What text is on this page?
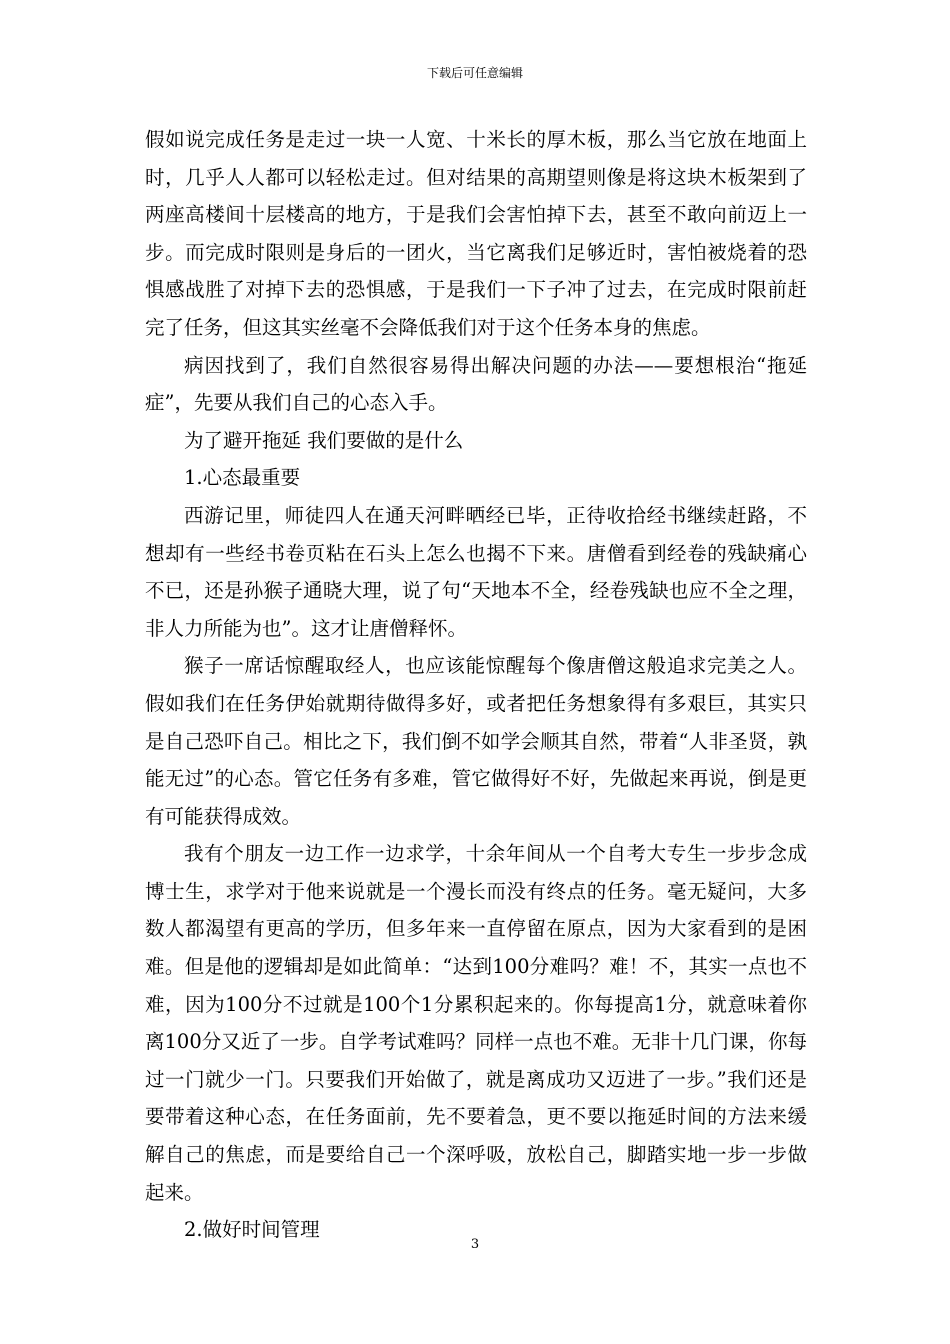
下载后可任意编辑

假如说完成任务是走过一块一人宽、十米长的厚木板，那么当它放在地面上时，几乎人人都可以轻松走过。但对结果的高期望则像是将这块木板架到了两座高楼间十层楼高的地方，于是我们会害怕掉下去，甚至不敢向前迈上一步。而完成时限则是身后的一团火，当它离我们足够近时，害怕被烧着的恐惧感战胜了对掉下去的恐惧感，于是我们一下子冲了过去，在完成时限前赶完了任务，但这其实丝毫不会降低我们对于这个任务本身的焦虑。

病因找到了，我们自然很容易得出解决问题的办法——要想根治“拖延症”，先要从我们自己的心态入手。

为了避开拖延 我们要做的是什么

1.心态最重要

西游记里，师徒四人在通天河畔晒经已毕，正待收拾经书继续赶路，不想却有一些经书卷页粘在石头上怎么也揭不下来。唐僧看到经卷的残缺痛心不已，还是孙猴子通晓大理，说了句“天地本不全，经卷残缺也应不全之理，非人力所能为也”。这才让唐僧释怀。

猴子一席话惊醒取经人，也应该能惊醒每个像唐僧这般追求完美之人。假如我们在任务伊始就期待做得多好，或者把任务想象得有多艰巨，其实只是自己恐吓自己。相比之下，我们倒不如学会顺其自然，带着“人非圣贤，孰能无过”的心态。管它任务有多难，管它做得好不好，先做起来再说，倒是更有可能获得成效。

我有个朋友一边工作一边求学，十余年间从一个自考大专生一步步念成博士生，求学对于他来说就是一个漫长而没有终点的任务。毫无疑问，大多数人都渴望有更高的学历，但多年来一直停留在原点，因为大家看到的是困难。但是他的逻辑却是如此简单：“达到100分难吗？难！不，其实一点也不难，因为100分不过就是100个1分累积起来的。你每提高1分，就意味着你离100分又近了一步。自学考试难吗？同样一点也不难。无非十几门课，你每过一门就少一门。只要我们开始做了，就是离成功又迈进了一步。”我们还是要带着这种心态，在任务面前，先不要着急，更不要以拖延时间的方法来缓解自己的焦虑，而是要给自己一个深呼吸，放松自己，脚踏实地一步一步做起来。

2.做好时间管理

3
